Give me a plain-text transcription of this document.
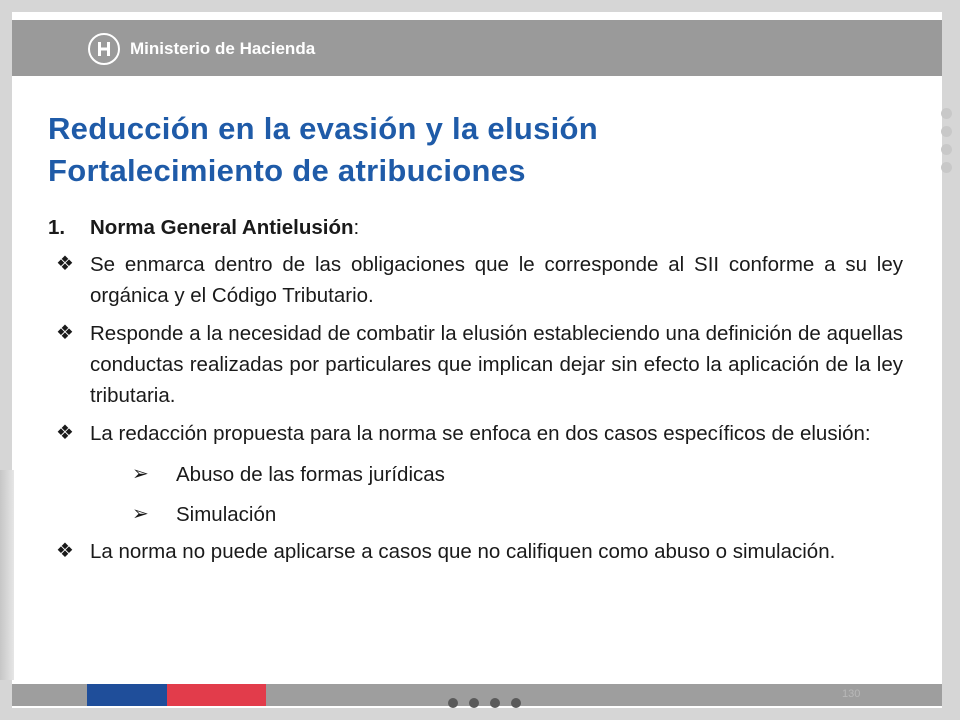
Ministerio de Hacienda
Reducción en la evasión y la elusión
Fortalecimiento de atribuciones
1.	Norma General Antielusión:
❖ Se enmarca dentro de las obligaciones que le corresponde al SII conforme a su ley orgánica y el Código Tributario.
❖ Responde a la necesidad de combatir la elusión estableciendo una definición de aquellas conductas realizadas por particulares que implican dejar sin efecto la aplicación de la ley tributaria.
❖ La redacción propuesta para la norma se enfoca en dos casos específicos de elusión:
➢	Abuso de las formas jurídicas
➢	Simulación
❖ La norma no puede aplicarse a casos que no califiquen como abuso o simulación.
130
